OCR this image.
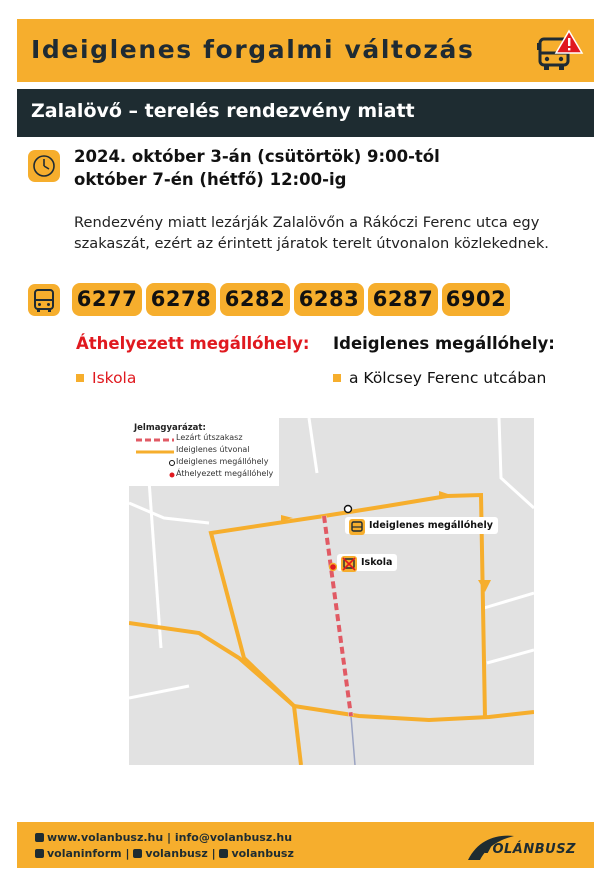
Ideiglenes forgalmi változás
Zalalövő – terelés rendezvény miatt
2024. október 3-án (csütörtök) 9:00-tól
október 7-én (hétfő) 12:00-ig
Rendezvény miatt lezárják Zalalövőn a Rákóczi Ferenc utca egy
szakaszát, ezért az érintett járatok terelt útvonalon közlekednek.
6277 6278 6282 6283 6287 6902
Áthelyezett megállóhely: Ideiglenes megállóhely:
Iskola	a Kölcsey Ferenc utcában
Jelmagyarázat:
Lezárt útszakasz
Ideiglenes útvonal
Ideiglenes megállóhely
Áthelyezett megállóhely
Ideiglenes megállóhely
Iskola
www.volanbusz.hu | info@volanbusz.hu
volaninform | volanbusz | volanbusz	VOLÁNBUSZ
